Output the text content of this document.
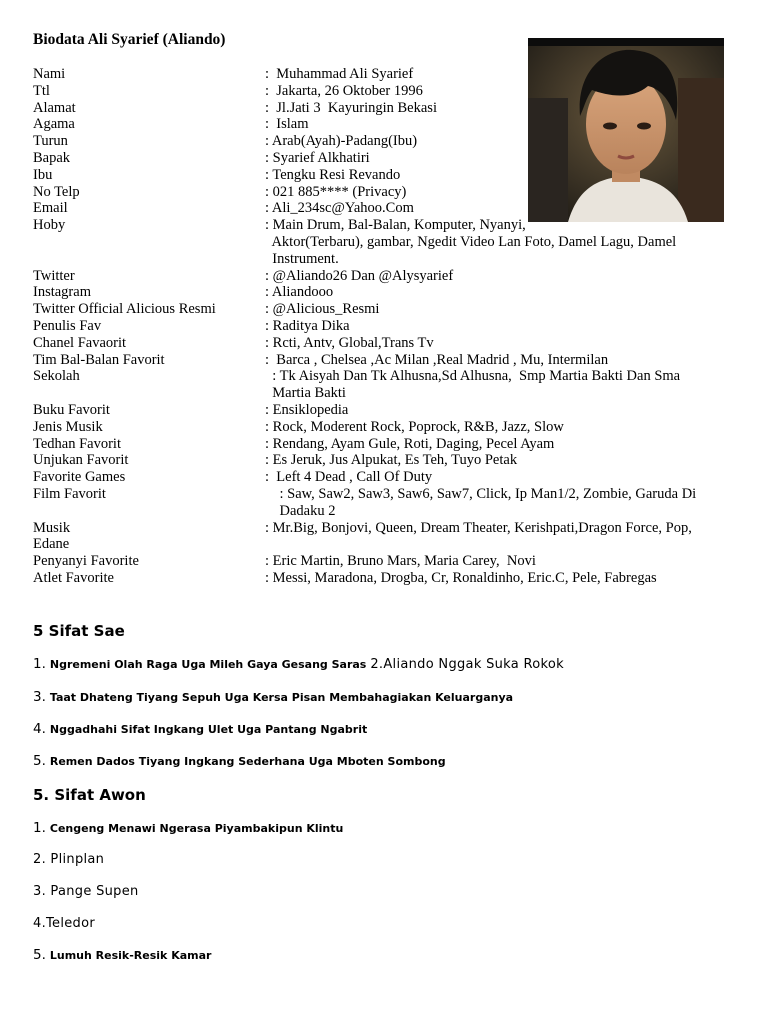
Biodata Ali Syarief (Aliando)
Nami	:  Muhammad Ali Syarief
Ttl	:  Jakarta, 26 Oktober 1996
Alamat	:  Jl.Jati 3  Kayuringin Bekasi
Agama	:  Islam
Turun	: Arab(Ayah)-Padang(Ibu)
Bapak	: Syarief Alkhatiri
Ibu	: Tengku Resi Revando
No Telp	: 021 885**** (Privacy)
Email	: Ali_234sc@Yahoo.Com
Hoby	: Main Drum, Bal-Balan, Komputer, Nyanyi,
Aktor(Terbaru), gambar, Ngedit Video Lan Foto, Damel Lagu, Damel
Instrument.
Twitter	: @Aliando26 Dan @Alysyarief
Instagram	: Aliandooo
Twitter Official Alicious Resmi	: @Alicious_Resmi
Penulis Fav	: Raditya Dika
Chanel Favaorit	: Rcti, Antv, Global,Trans Tv
Tim Bal-Balan Favorit	:  Barca , Chelsea ,Ac Milan ,Real Madrid , Mu, Intermilan
Sekolah	: Tk Aisyah Dan Tk Alhusna,Sd Alhusna,  Smp Martia Bakti Dan Sma
Martia Bakti
Buku Favorit	: Ensiklopedia
Jenis Musik	: Rock, Moderent Rock, Poprock, R&B, Jazz, Slow
Tedhan Favorit	: Rendang, Ayam Gule, Roti, Daging, Pecel Ayam
Unjukan Favorit	: Es Jeruk, Jus Alpukat, Es Teh, Tuyo Petak
Favorite Games	:  Left 4 Dead , Call Of Duty
Film Favorit	: Saw, Saw2, Saw3, Saw6, Saw7, Click, Ip Man1/2, Zombie, Garuda Di
Dadaku 2
Musik	: Mr.Big, Bonjovi, Queen, Dream Theater, Kerishpati,Dragon Force, Pop,
Edane
Penyanyi Favorite	: Eric Martin, Bruno Mars, Maria Carey,  Novi
Atlet Favorite	: Messi, Maradona, Drogba, Cr, Ronaldinho, Eric.C, Pele, Fabregas
5 Sifat Sae
1. Ngremeni Olah Raga Uga Mileh Gaya Gesang Saras 2.Aliando Nggak Suka Rokok
3. Taat Dhateng Tiyang Sepuh Uga Kersa Pisan Membahagiakan Keluarganya
4. Nggadhahi Sifat Ingkang Ulet Uga Pantang Ngabrit
5. Remen Dados Tiyang Ingkang Sederhana Uga Mboten Sombong
5. Sifat Awon
1. Cengeng Menawi Ngerasa Piyambakipun Klintu
2. Plinplan
3. Pange Supen
4.Teledor
5. Lumuh Resik-Resik Kamar
